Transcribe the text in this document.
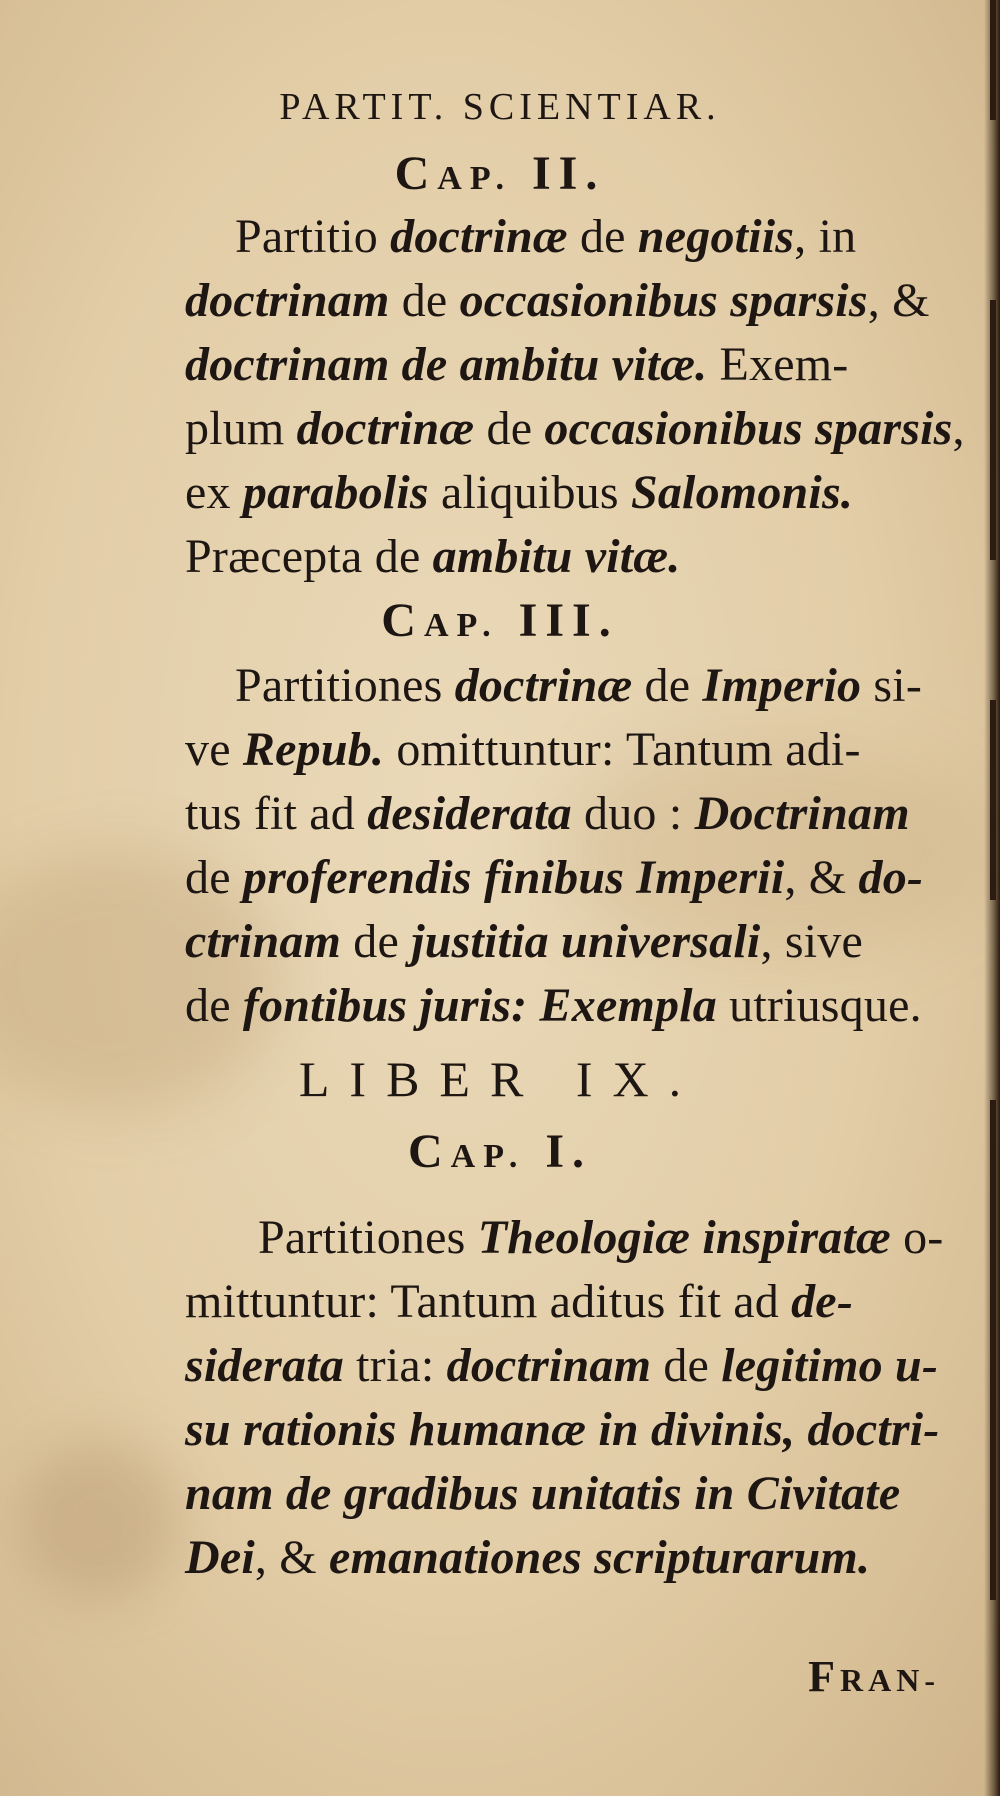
PARTIT. SCIENTIAR.
CAP. II.
Partitio doctrinæ de negotiis, in
doctrinam de occasionibus sparsis, &
doctrinam de ambitu vitæ. Exem-
plum doctrinæ de occasionibus sparsis,
ex parabolis aliquibus Salomonis.
Præcepta de ambitu vitæ.
CAP. III.
Partitiones doctrinæ de Imperio si-
ve Repub. omittuntur: Tantum adi-
tus fit ad desiderata duo : Doctrinam
de proferendis finibus Imperii, & do-
ctrinam de justitia universali, sive
de fontibus juris: Exempla utriusque.
LIBER IX.
CAP. I.
Partitiones Theologiæ inspiratæ o-
mittuntur: Tantum aditus fit ad de-
siderata tria: doctrinam de legitimo u-
su rationis humanæ in divinis, doctri-
nam de gradibus unitatis in Civitate
Dei, & emanationes scripturarum.
FRAN-
